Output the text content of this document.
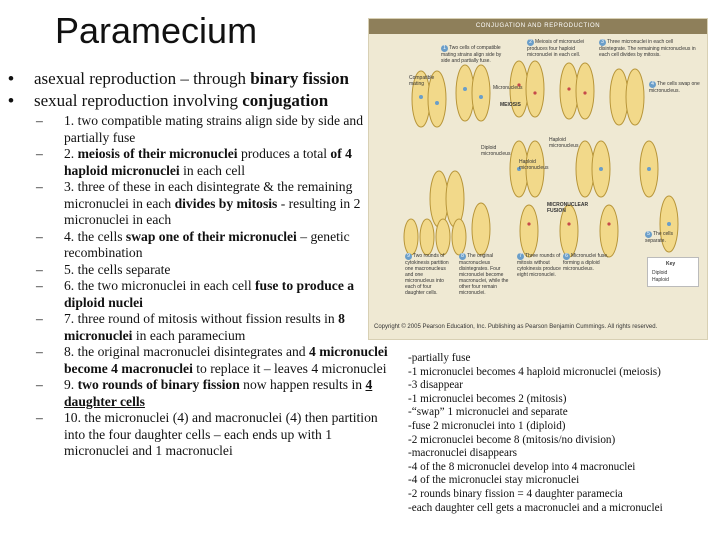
Paramecium
•	asexual reproduction – through binary fission
•	sexual reproduction involving conjugation
–	1. two compatible mating strains align side by side and partially fuse
–	2. meiosis of their micronuclei produces a total of 4 haploid micronuclei in each cell
–	3. three of these in each disintegrate & the remaining micronuclei in each divides by mitosis - resulting in 2 micronuclei in each
–	4. the cells swap one of their micronuclei – genetic recombination
–	5. the cells separate
–	6. the two micronuclei in each cell fuse to produce a diploid nuclei
–	7. three round of mitosis without fission results in 8 micronuclei in each paramecium
–	8. the original macronuclei disintegrates and 4 micronuclei become 4 macronuclei to replace it – leaves 4 micronuclei
–	9. two rounds of binary fission now happen results in 4 daughter cells
–	10. the micronuclei (4) and macronuclei (4) then partition into the four daughter cells – each ends up with 1 micronuclei and 1 macronuclei
CONJUGATION AND REPRODUCTION
Compatible mating
1 Two cells of compatible mating strains align side by side and partially fuse.
2 Meiosis of micronuclei produces four haploid micronuclei in each cell.
3 Three micronuclei in each cell disintegrate. The remaining micronucleus in each cell divides by mitosis.
Micronucleus
MEIOSIS
Haploid micronucleus
Diploid micronucleus
Haploid micronucleus
4 The cells swap one micronucleus.
MICRONUCLEAR FUSION
5 The cells separate.
9 Two rounds of cytokinesis partition one macronucleus and one micronucleus into each of four daughter cells.
8 The original macronucleus disintegrates. Four micronuclei become macronuclei, while the other four remain micronuclei.
7 Three rounds of mitosis without cytokinesis produce eight micronuclei.
6 Micronuclei fuse, forming a diploid micronucleus.
Key
Diploid
Haploid
Copyright © 2005 Pearson Education, Inc. Publishing as Pearson Benjamin Cummings. All rights reserved.
-partially fuse
-1 micronuclei becomes 4 haploid micronuclei (meiosis)
-3 disappear
-1 micronuclei becomes 2 (mitosis)
-“swap” 1 micronuclei and separate
-fuse 2 micronuclei into 1 (diploid)
-2 micronuclei become 8 (mitosis/no division)
-macronuclei disappears
-4 of the 8 micronuclei develop into 4 macronuclei
-4 of the micronuclei stay micronuclei
-2 rounds binary fission = 4 daughter paramecia
-each daughter cell gets a macronuclei and a micronuclei
